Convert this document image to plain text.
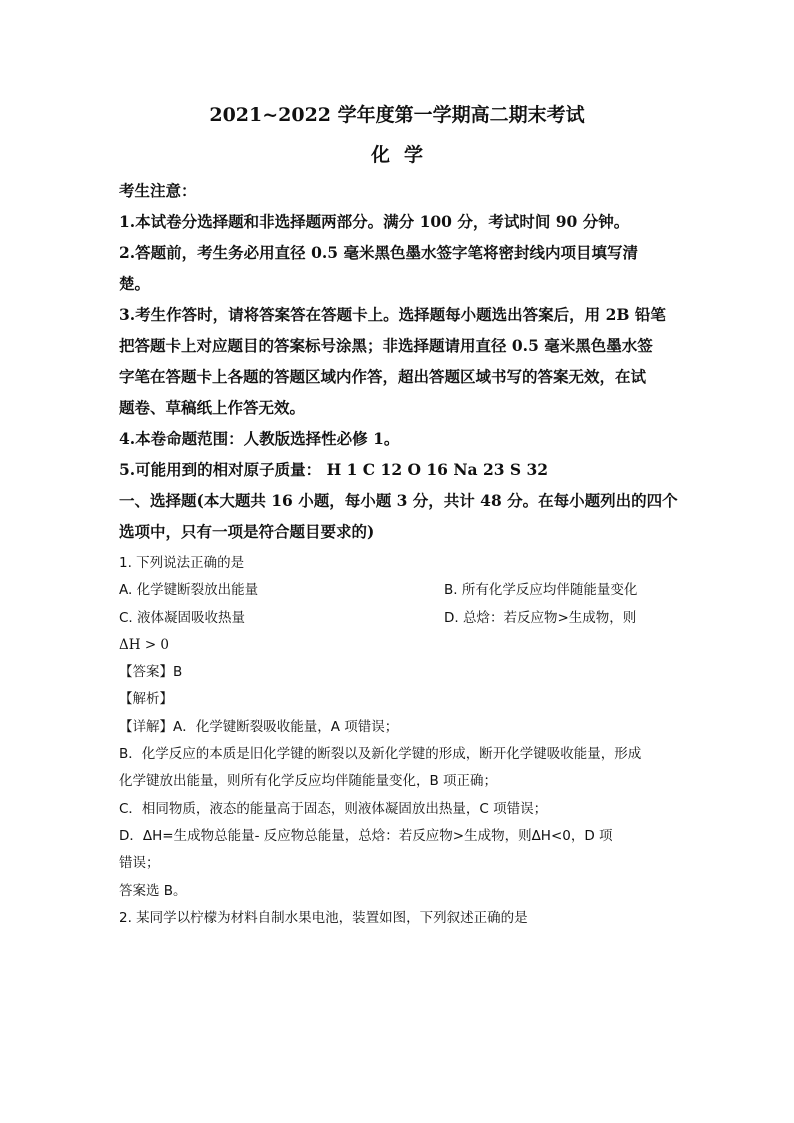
2021~2022 学年度第一学期高二期末考试
化学

考生注意：

1.本试卷分选择题和非选择题两部分。满分 100 分，考试时间 90 分钟。

2.答题前，考生务必用直径 0.5 毫米黑色墨水签字笔将密封线内项目填写清

楚。

3.考生作答时，请将答案答在答题卡上。选择题每小题选出答案后，用 2B 铅笔

把答题卡上对应题目的答案标号涂黑；非选择题请用直径 0.5 毫米黑色墨水签

字笔在答题卡上各题的答题区域内作答，超出答题区域书写的答案无效，在试

题卷、草稿纸上作答无效。

4.本卷命题范围：人教版选择性必修 1。

5.可能用到的相对原子质量： H 1 C 12 O 16 Na 23 S 32

一、选择题(本大题共 16 小题，每小题 3 分，共计 48 分。在每小题列出的四个

选项中，只有一项是符合题目要求的)

1. 下列说法正确的是

A. 化学键断裂放出能量	B. 所有化学反应均伴随能量变化
C. 液体凝固吸收热量	D. 总焓：若反应物>生成物，则

ΔH > 0

【答案】B

【解析】

【详解】A．化学键断裂吸收能量，A 项错误；

B．化学反应的本质是旧化学键的断裂以及新化学键的形成，断开化学键吸收能量，形成

化学键放出能量，则所有化学反应均伴随能量变化，B 项正确；

C．相同物质，液态的能量高于固态，则液体凝固放出热量，C 项错误；

D．ΔH=生成物总能量- 反应物总能量，总焓：若反应物>生成物，则ΔH<0，D 项

错误；

答案选 B。

2. 某同学以柠檬为材料自制水果电池，装置如图，下列叙述正确的是
